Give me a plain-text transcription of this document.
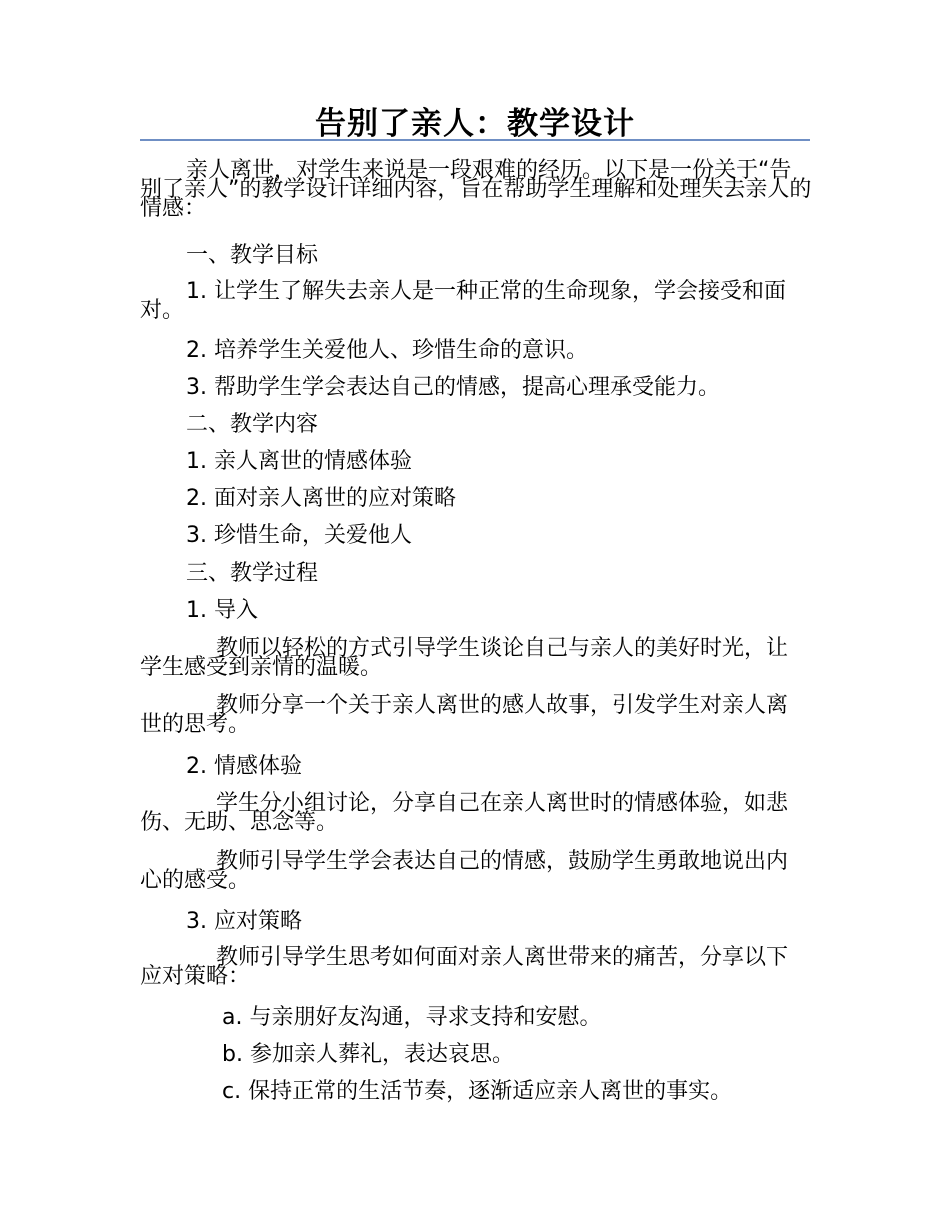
告别了亲人：教学设计

亲人离世，对学生来说是一段艰难的经历。以下是一份关于“告别了亲人”的教学设计详细内容，旨在帮助学生理解和处理失去亲人的情感：

一、教学目标

1. 让学生了解失去亲人是一种正常的生命现象，学会接受和面对。

2. 培养学生关爱他人、珍惜生命的意识。
3. 帮助学生学会表达自己的情感，提高心理承受能力。
二、教学内容
1. 亲人离世的情感体验
2. 面对亲人离世的应对策略
3. 珍惜生命，关爱他人
三、教学过程
1. 导入

教师以轻松的方式引导学生谈论自己与亲人的美好时光，让学生感受到亲情的温暖。

教师分享一个关于亲人离世的感人故事，引发学生对亲人离世的思考。

2. 情感体验

学生分小组讨论，分享自己在亲人离世时的情感体验，如悲伤、无助、思念等。

教师引导学生学会表达自己的情感，鼓励学生勇敢地说出内心的感受。

3. 应对策略

教师引导学生思考如何面对亲人离世带来的痛苦，分享以下应对策略：

a. 与亲朋好友沟通，寻求支持和安慰。
b. 参加亲人葬礼，表达哀思。
c. 保持正常的生活节奏，逐渐适应亲人离世的事实。
